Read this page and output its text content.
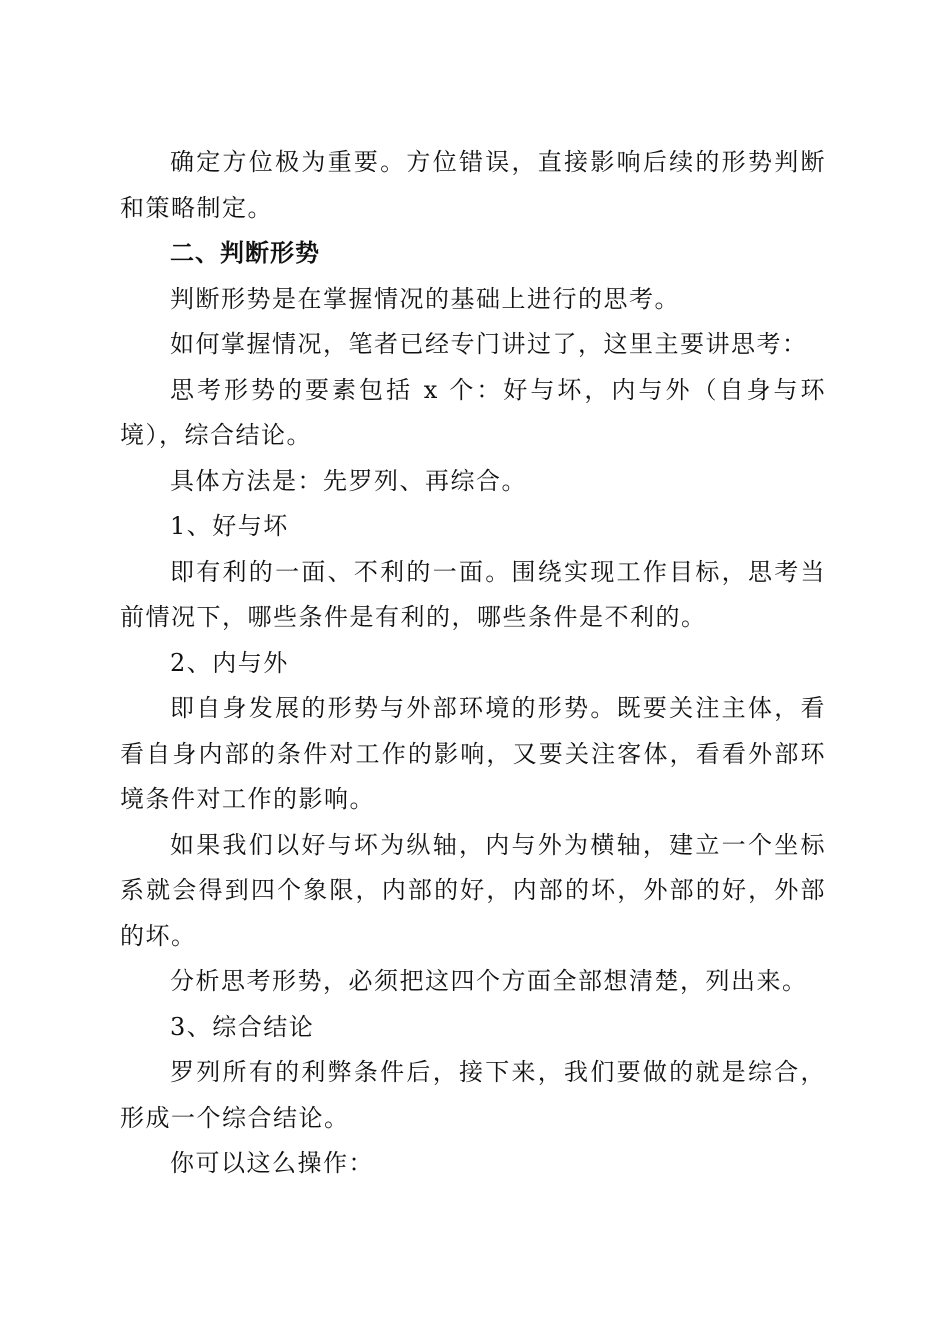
确定方位极为重要。方位错误，直接影响后续的形势判断和策略制定。

二、判断形势

判断形势是在掌握情况的基础上进行的思考。

如何掌握情况，笔者已经专门讲过了，这里主要讲思考：

思考形势的要素包括 x 个：好与坏，内与外（自身与环境），综合结论。

具体方法是：先罗列、再综合。

1、好与坏

即有利的一面、不利的一面。围绕实现工作目标，思考当前情况下，哪些条件是有利的，哪些条件是不利的。

2、内与外

即自身发展的形势与外部环境的形势。既要关注主体，看看自身内部的条件对工作的影响，又要关注客体，看看外部环境条件对工作的影响。

如果我们以好与坏为纵轴，内与外为横轴，建立一个坐标系就会得到四个象限，内部的好，内部的坏，外部的好，外部的坏。

分析思考形势，必须把这四个方面全部想清楚，列出来。

3、综合结论

罗列所有的利弊条件后，接下来，我们要做的就是综合，形成一个综合结论。

你可以这么操作：
